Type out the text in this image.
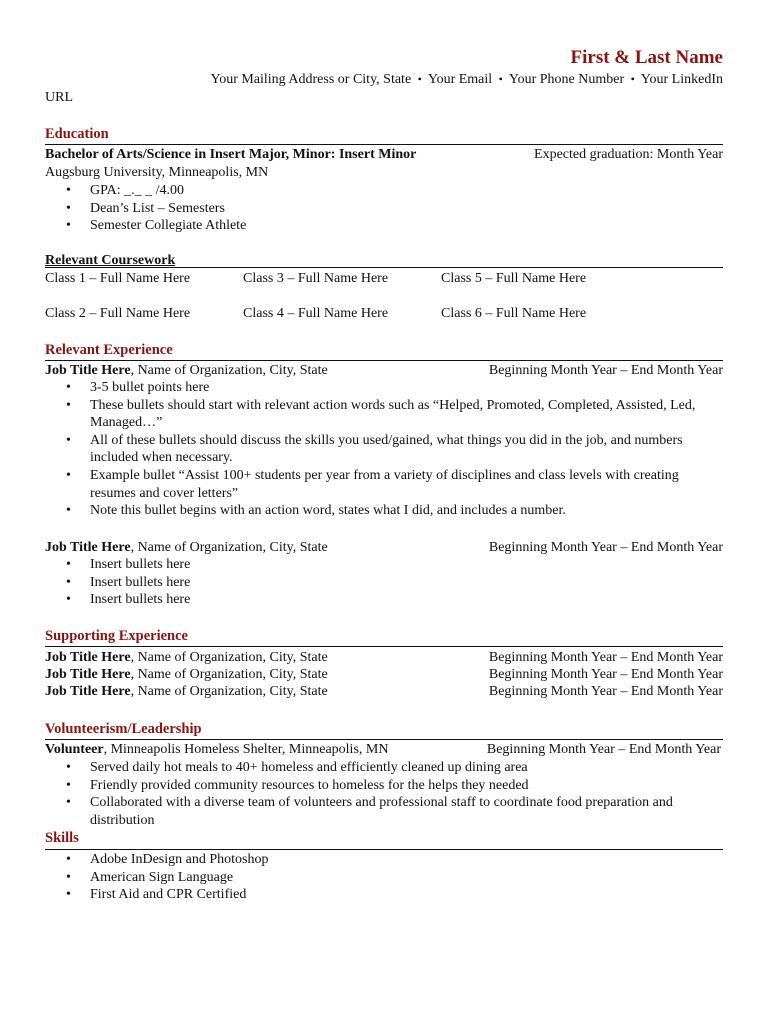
First & Last Name
Your Mailing Address or City, State • Your Email • Your Phone Number • Your LinkedIn
URL
Education
Bachelor of Arts/Science in Insert Major, Minor: Insert Minor	Expected graduation: Month Year
Augsburg University, Minneapolis, MN
• GPA: _._ _ /4.00
• Dean’s List – Semesters
• Semester Collegiate Athlete
Relevant Coursework
Class 1 – Full Name Here	Class 3 – Full Name Here	Class 5 – Full Name Here
Class 2 – Full Name Here	Class 4 – Full Name Here	Class 6 – Full Name Here
Relevant Experience
Job Title Here, Name of Organization, City, State	Beginning Month Year – End Month Year
• 3-5 bullet points here
• These bullets should start with relevant action words such as “Helped, Promoted, Completed, Assisted, Led, Managed…”
• All of these bullets should discuss the skills you used/gained, what things you did in the job, and numbers included when necessary.
• Example bullet “Assist 100+ students per year from a variety of disciplines and class levels with creating resumes and cover letters”
• Note this bullet begins with an action word, states what I did, and includes a number.
Job Title Here, Name of Organization, City, State	Beginning Month Year – End Month Year
• Insert bullets here
• Insert bullets here
• Insert bullets here
Supporting Experience
Job Title Here, Name of Organization, City, State	Beginning Month Year – End Month Year
Job Title Here, Name of Organization, City, State	Beginning Month Year – End Month Year
Job Title Here, Name of Organization, City, State	Beginning Month Year – End Month Year
Volunteerism/Leadership
Volunteer, Minneapolis Homeless Shelter, Minneapolis, MN	Beginning Month Year – End Month Year
• Served daily hot meals to 40+ homeless and efficiently cleaned up dining area
• Friendly provided community resources to homeless for the helps they needed
• Collaborated with a diverse team of volunteers and professional staff to coordinate food preparation and distribution
Skills
• Adobe InDesign and Photoshop
• American Sign Language
• First Aid and CPR Certified
